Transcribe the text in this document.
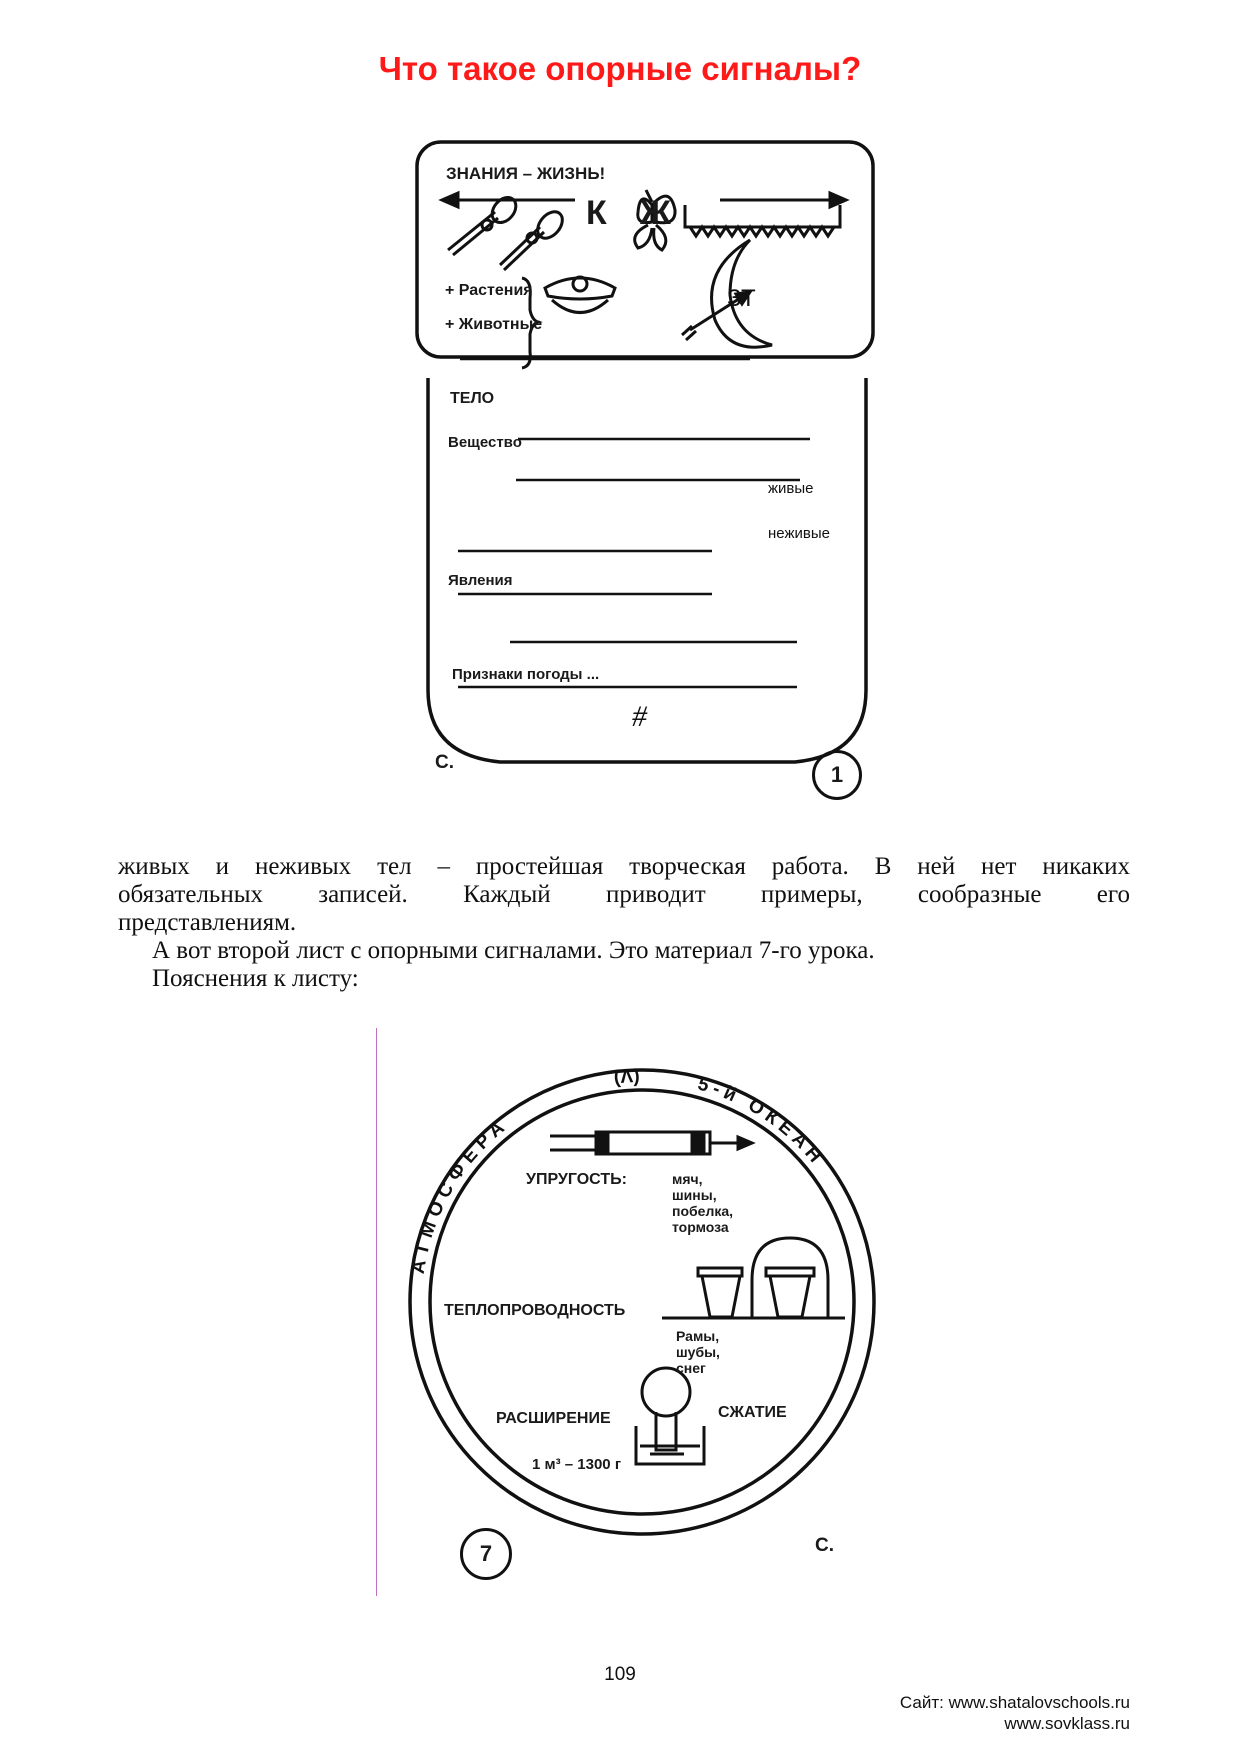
Что такое опорные сигналы?
ЗНАНИЯ – ЖИЗНЬ!
К Ж
+ Растения
+ Животные
ЗТ
ТЕЛО
Вещество
живые
неживые
Явления
Признаки погоды ...
#
С.	1

живых и неживых тел – простейшая творческая работа. В ней нет никаких

обязательных записей. Каждый приводит примеры, сообразные его

представлениям.

А вот второй лист с опорными сигналами. Это материал 7-го урока.

Пояснения к листу:

АТМОСФЕРА
(Λ)	5-й ОКЕАН
УПРУГОСТЬ:	мяч,
шины,
побелка,
тормоза
ТЕПЛОПРОВОДНОСТЬ
Рамы,
шубы,
снег
РАСШИРЕНИЕ	СЖАТИЕ
1 м³ – 1300 г
7	С.
109
Сайт: www.shatalovschools.ru
www.sovklass.ru
